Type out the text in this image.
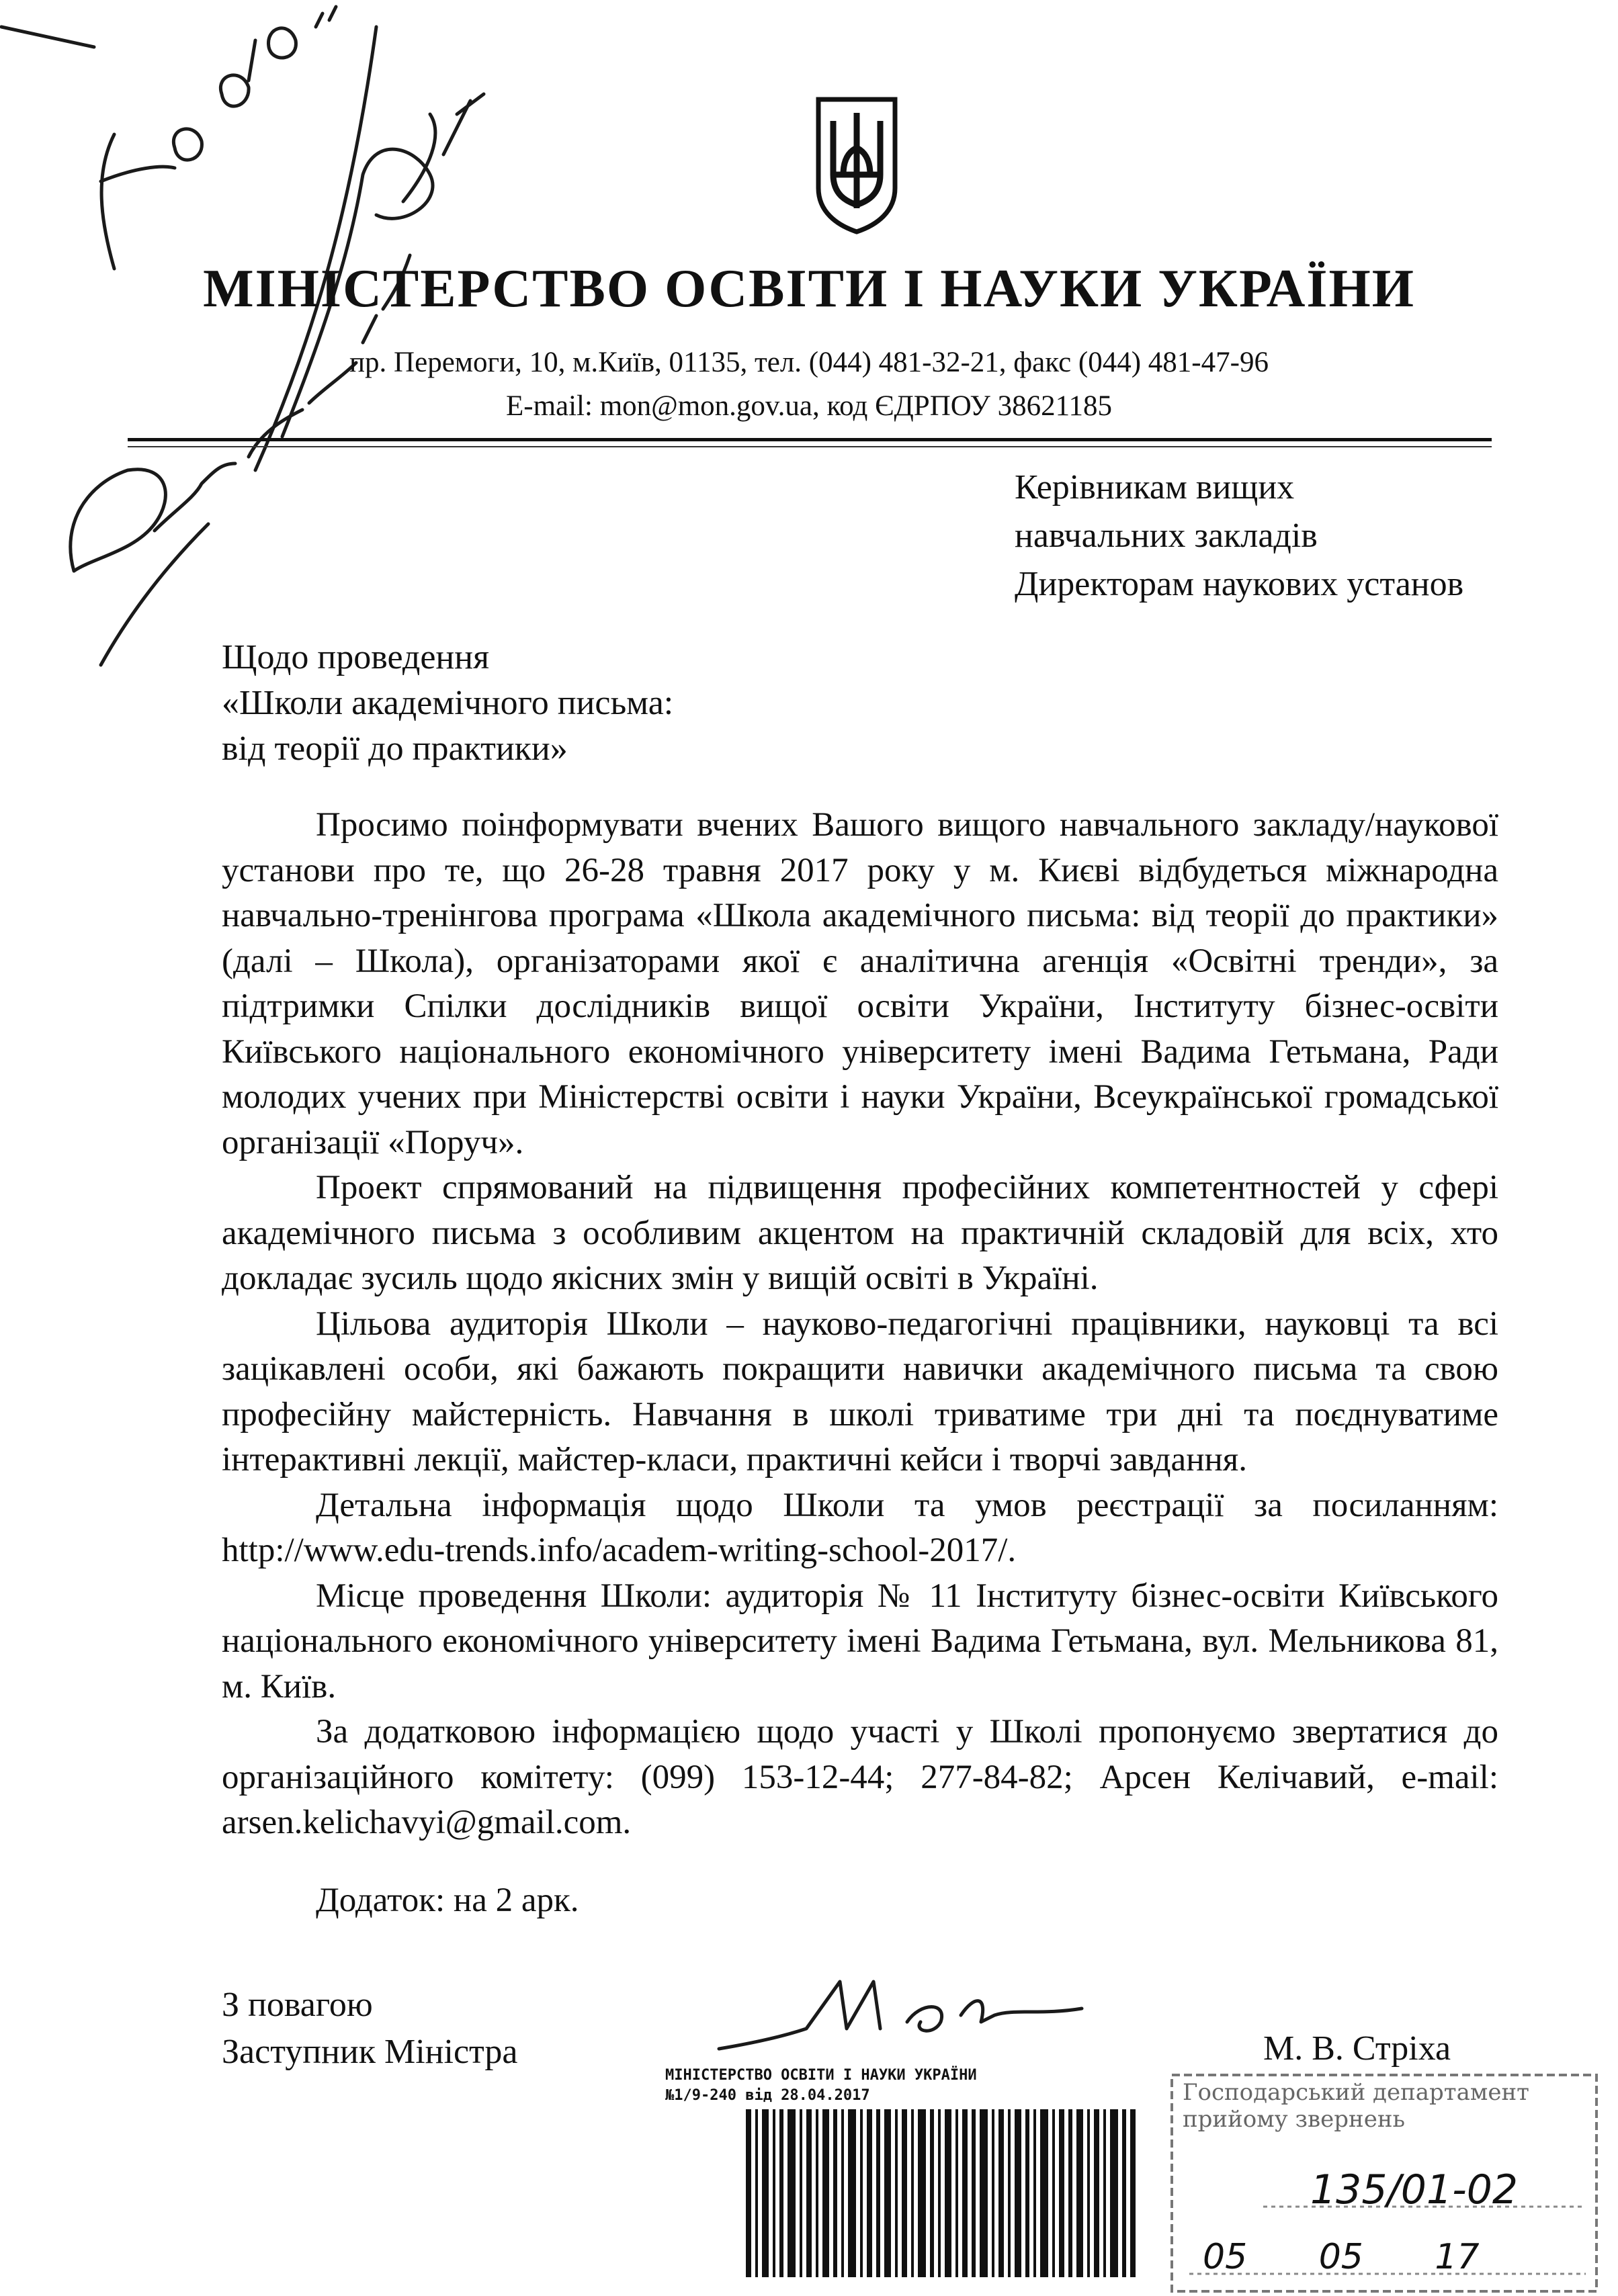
МІНІСТЕРСТВО ОСВІТИ І НАУКИ УКРАЇНИ
пр. Перемоги, 10, м.Київ, 01135, тел. (044) 481-32-21, факс (044) 481-47-96
E-mail: mon@mon.gov.ua, код ЄДРПОУ 38621185
Керівникам вищих
навчальних закладів
Директорам наукових установ
Щодо проведення
«Школи академічного письма:
від теорії до практики»

Просимо поінформувати вчених Вашого вищого навчального закладу/наукової установи про те, що 26-28 травня 2017 року у м. Києві відбудеться міжнародна навчально-тренінгова програма «Школа академічного письма: від теорії до практики» (далі – Школа), організаторами якої є аналітична агенція «Освітні тренди», за підтримки Спілки дослідників вищої освіти України, Інституту бізнес-освіти Київського національного економічного університету імені Вадима Гетьмана, Ради молодих учених при Міністерстві освіти і науки України, Всеукраїнської громадської організації «Поруч».

Проект спрямований на підвищення професійних компетентностей у сфері академічного письма з особливим акцентом на практичній складовій для всіх, хто докладає зусиль щодо якісних змін у вищій освіті в Україні.

Цільова аудиторія Школи – науково-педагогічні працівники, науковці та всі зацікавлені особи, які бажають покращити навички академічного письма та свою професійну майстерність. Навчання в школі триватиме три дні та поєднуватиме інтерактивні лекції, майстер-класи, практичні кейси і творчі завдання.

Детальна інформація щодо Школи та умов реєстрації за посиланням: http://www.edu-trends.info/academ-writing-school-2017/.

Місце проведення Школи: аудиторія № 11 Інституту бізнес-освіти Київського національного економічного університету імені Вадима Гетьмана, вул. Мельникова 81, м. Київ.

За додатковою інформацією щодо участі у Школі пропонуємо звертатися до організаційного комітету: (099) 153-12-44; 277-84-82; Арсен Келічавий, e-mail: arsen.kelichavyi@gmail.com.

Додаток: на 2 арк.
З повагою
Заступник Міністра	М. В. Стріха
МІНІСТЕРСТВО ОСВІТИ І НАУКИ УКРАЇНИ
№1/9-240 від 28.04.2017	Господарський департамент прийому звернень
135/01-02
05 05 17
